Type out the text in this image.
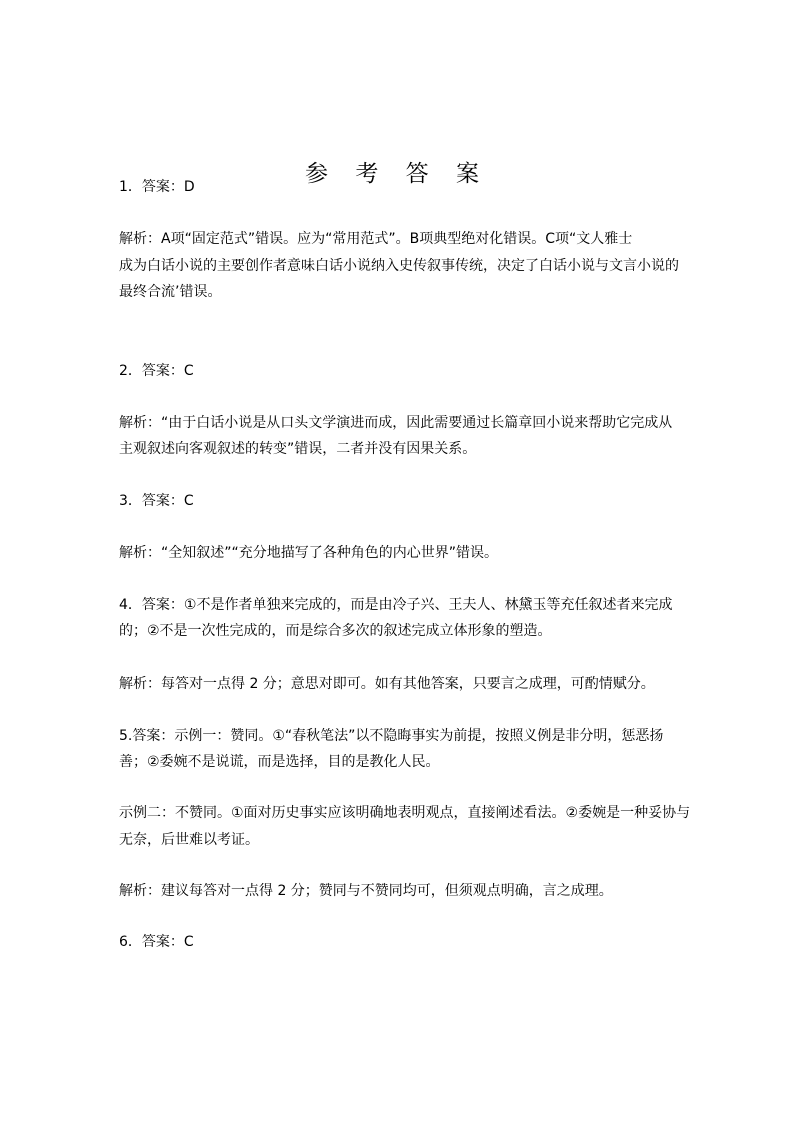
参 考 答 案

1．答案：D

解析：A项“固定范式”错误。应为“常用范式”。B项典型绝对化错误。C项“文人雅士

成为白话小说的主要创作者意味白话小说纳入史传叙事传统，决定了白话小说与文言小说的

最终合流’错误。

2．答案：C

解析：“由于白话小说是从口头文学演进而成，因此需要通过长篇章回小说来帮助它完成从

主观叙述向客观叙述的转变”错误，二者并没有因果关系。

3．答案：C

解析：“全知叙述”“充分地描写了各种角色的内心世界”错误。

4．答案：①不是作者单独来完成的，而是由冷子兴、王夫人、林黛玉等充任叙述者来完成

的；②不是一次性完成的，而是综合多次的叙述完成立体形象的塑造。

解析：每答对一点得 2 分；意思对即可。如有其他答案，只要言之成理，可酌情赋分。

5.答案：示例一：赞同。①“春秋笔法”以不隐晦事实为前提，按照义例是非分明，惩恶扬

善；②委婉不是说谎，而是选择，目的是教化人民。

示例二：不赞同。①面对历史事实应该明确地表明观点，直接阐述看法。②委婉是一种妥协与

无奈，后世难以考证。

解析：建议每答对一点得 2 分；赞同与不赞同均可，但须观点明确，言之成理。

6．答案：C
